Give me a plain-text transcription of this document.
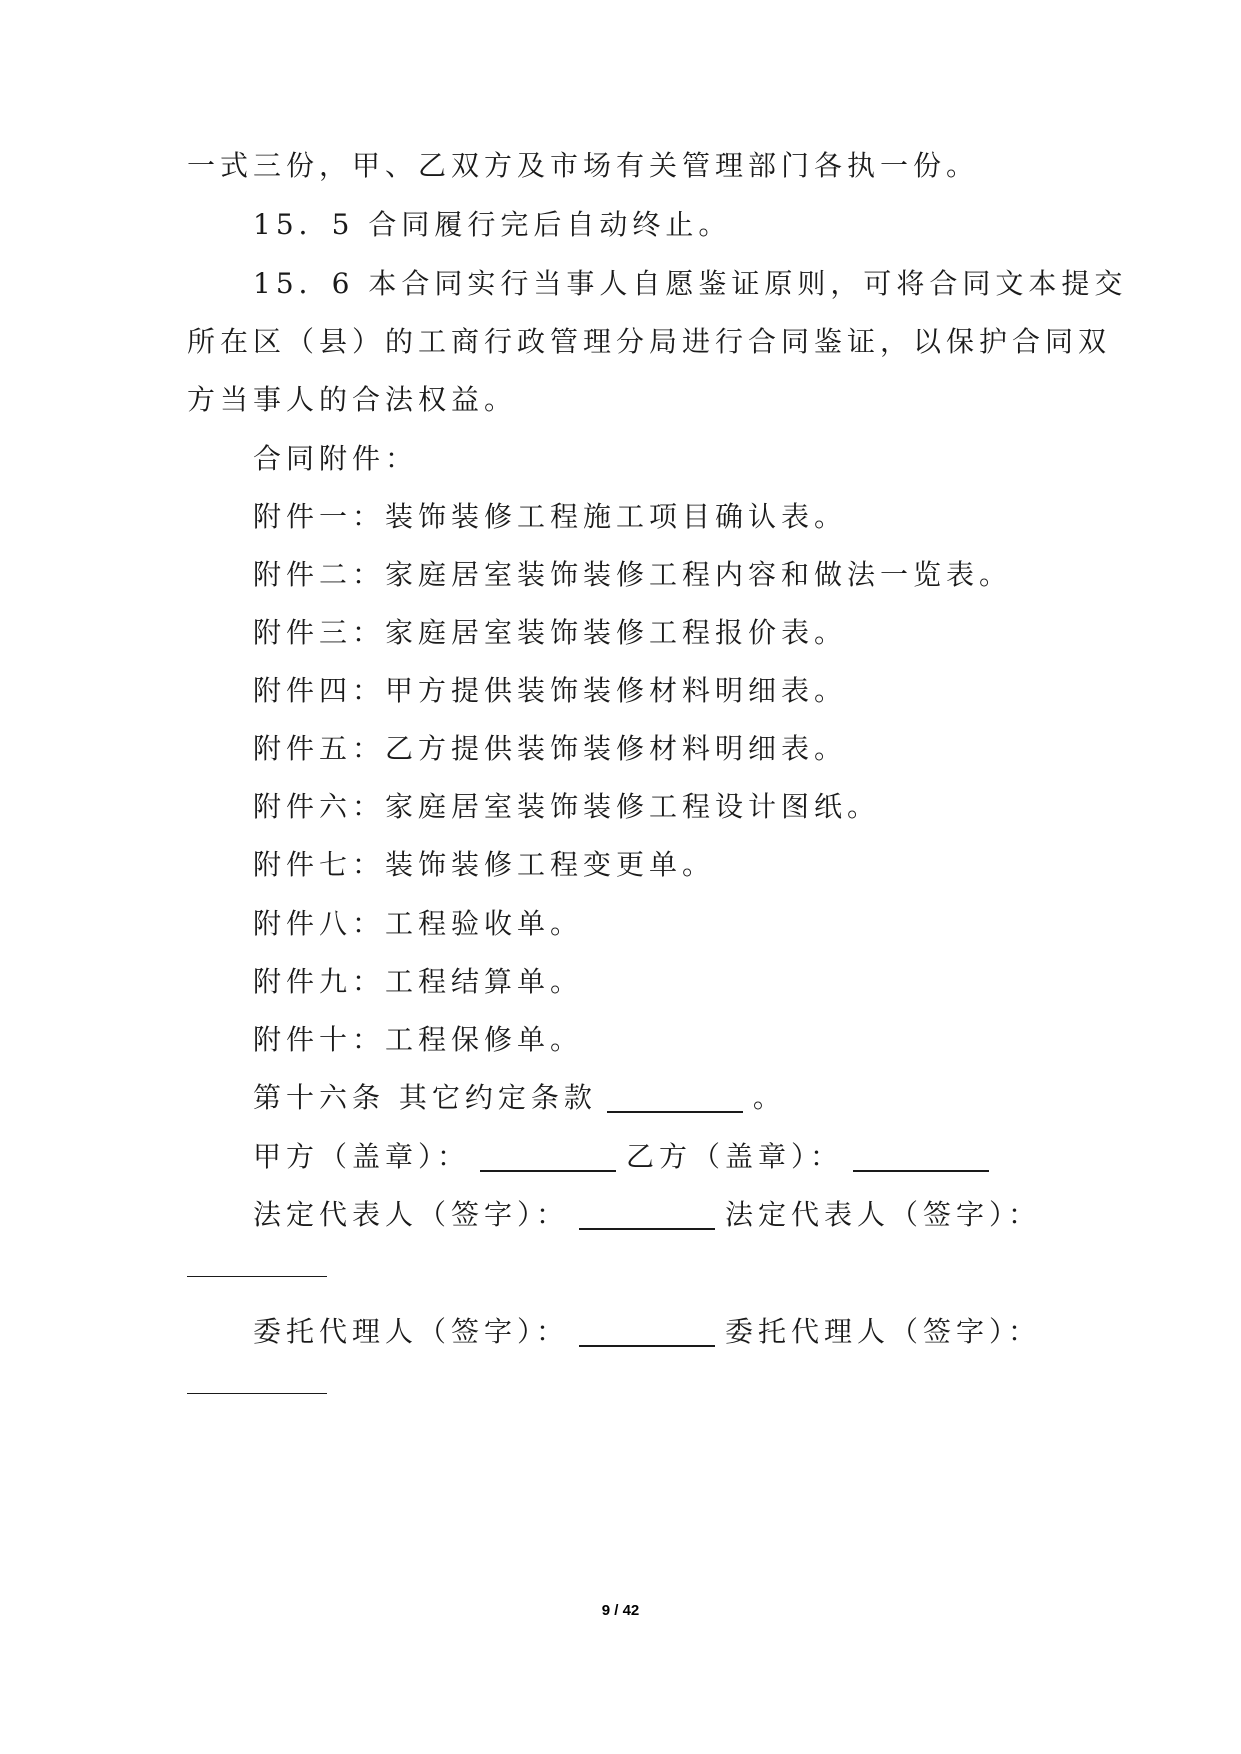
一式三份，甲、乙双方及市场有关管理部门各执一份。
15．5 合同履行完后自动终止。
15．6 本合同实行当事人自愿鉴证原则，可将合同文本提交
所在区（县）的工商行政管理分局进行合同鉴证，以保护合同双
方当事人的合法权益。
合同附件：
附件一：装饰装修工程施工项目确认表。
附件二：家庭居室装饰装修工程内容和做法一览表。
附件三：家庭居室装饰装修工程报价表。
附件四：甲方提供装饰装修材料明细表。
附件五：乙方提供装饰装修材料明细表。
附件六：家庭居室装饰装修工程设计图纸。
附件七：装饰装修工程变更单。
附件八：工程验收单。
附件九：工程结算单。
附件十：工程保修单。
第十六条 其它约定条款	。
甲方（盖章）：	乙方（盖章）：
法定代表人（签字）：	法定代表人（签字）：
委托代理人（签字）：	委托代理人（签字）：
9 / 42
